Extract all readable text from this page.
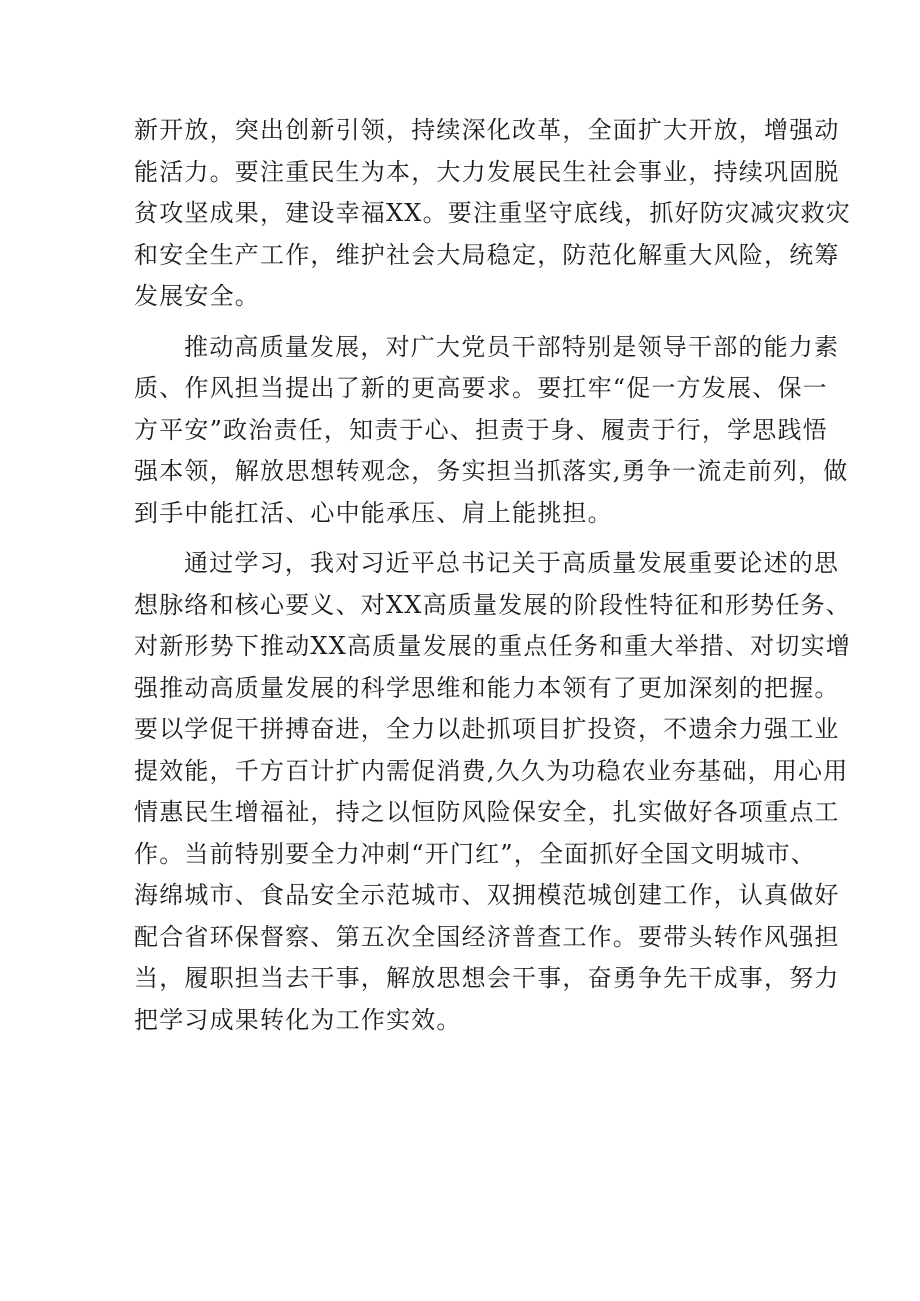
新开放，突出创新引领，持续深化改革，全面扩大开放，增强动
能活力。要注重民生为本，大力发展民生社会事业，持续巩固脱
贫攻坚成果，建设幸福XX。要注重坚守底线，抓好防灾减灾救灾
和安全生产工作，维护社会大局稳定，防范化解重大风险，统筹
发展安全。

推动高质量发展，对广大党员干部特别是领导干部的能力素
质、作风担当提出了新的更高要求。要扛牢“促一方发展、保一
方平安”政治责任，知责于心、担责于身、履责于行，学思践悟
强本领，解放思想转观念，务实担当抓落实,勇争一流走前列，做
到手中能扛活、心中能承压、肩上能挑担。

通过学习，我对习近平总书记关于高质量发展重要论述的思
想脉络和核心要义、对XX高质量发展的阶段性特征和形势任务、
对新形势下推动XX高质量发展的重点任务和重大举措、对切实增
强推动高质量发展的科学思维和能力本领有了更加深刻的把握。
要以学促干拼搏奋进，全力以赴抓项目扩投资，不遗余力强工业
提效能，千方百计扩内需促消费,久久为功稳农业夯基础，用心用
情惠民生增福祉，持之以恒防风险保安全，扎实做好各项重点工
作。当前特别要全力冲刺“开门红”，全面抓好全国文明城市、
海绵城市、食品安全示范城市、双拥模范城创建工作，认真做好
配合省环保督察、第五次全国经济普查工作。要带头转作风强担
当，履职担当去干事，解放思想会干事，奋勇争先干成事，努力
把学习成果转化为工作实效。
